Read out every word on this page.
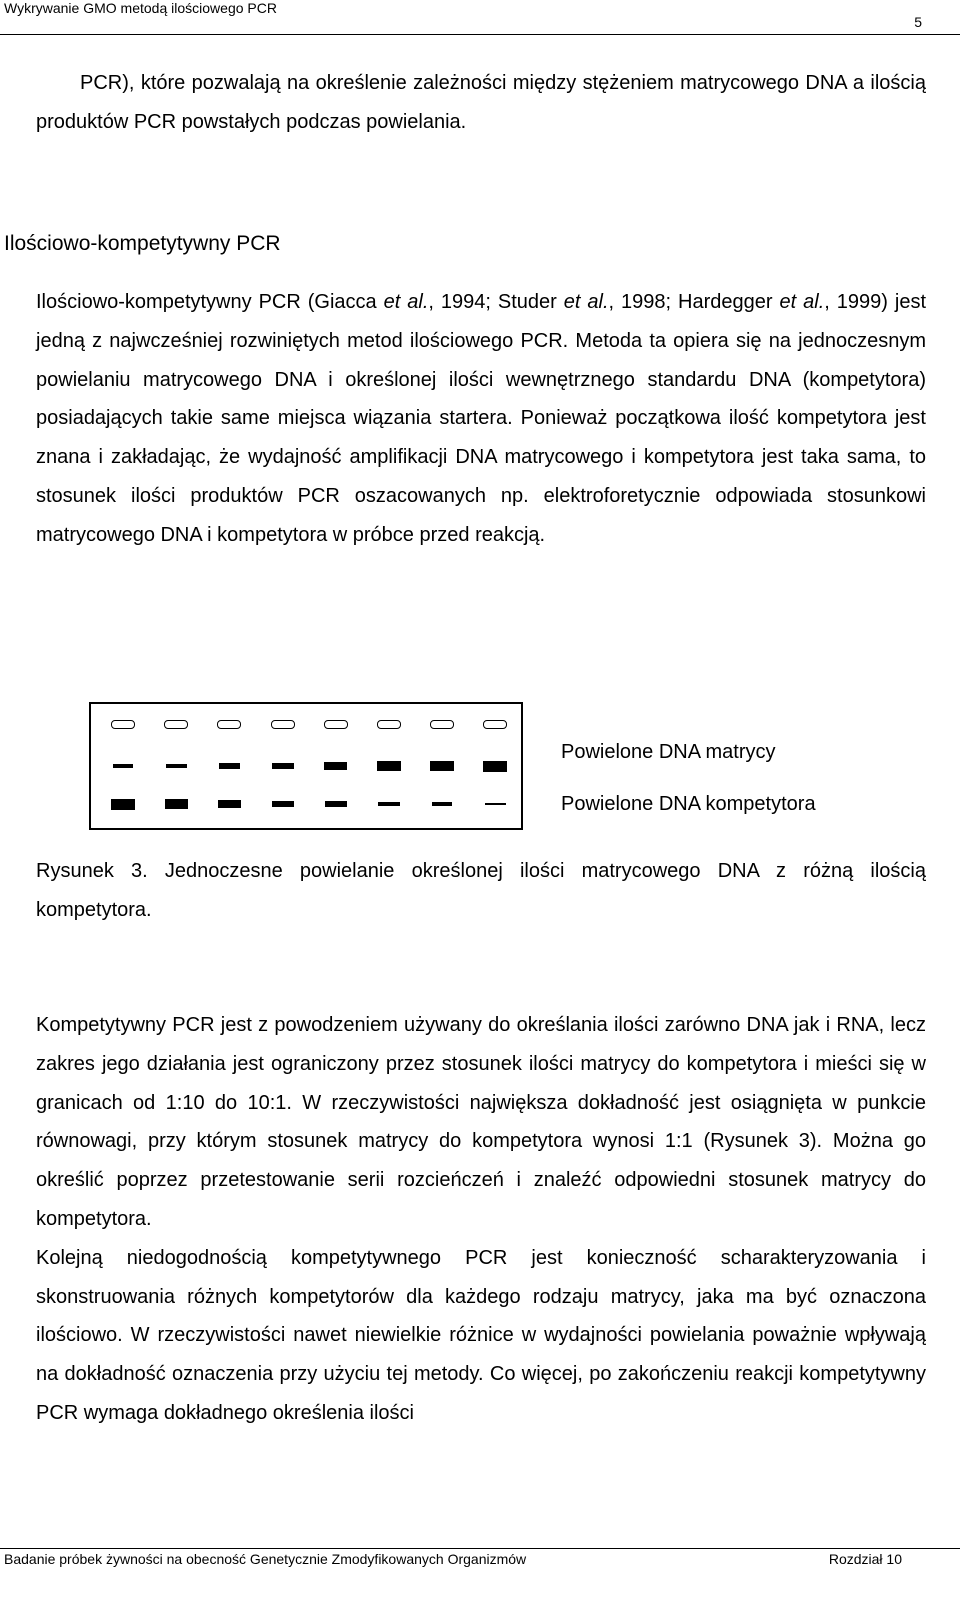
Wykrywanie GMO metodą ilościowego PCR
5

PCR), które pozwalają na określenie zależności między stężeniem matrycowego DNA a ilością produktów PCR powstałych podczas powielania.

Ilościowo-kompetytywny PCR

Ilościowo-kompetytywny PCR (Giacca et al., 1994; Studer et al., 1998; Hardegger et al., 1999) jest jedną z najwcześniej rozwiniętych metod ilościowego PCR. Metoda ta opiera się na jednoczesnym powielaniu matrycowego DNA i określonej ilości wewnętrznego standardu DNA (kompetytora) posiadających takie same miejsca wiązania startera. Ponieważ początkowa ilość kompetytora jest znana i zakładając, że wydajność amplifikacji DNA matrycowego i kompetytora jest taka sama, to stosunek ilości produktów PCR oszacowanych np. elektroforetycznie odpowiada stosunkowi matrycowego DNA i kompetytora w próbce przed reakcją.

Powielone DNA matrycy
Powielone DNA kompetytora

Rysunek 3. Jednoczesne powielanie określonej ilości matrycowego DNA z różną ilością kompetytora.

Kompetytywny PCR jest z powodzeniem używany do określania ilości zarówno DNA jak i RNA, lecz zakres jego działania jest ograniczony przez stosunek ilości matrycy do kompetytora i mieści się w granicach od 1:10 do 10:1. W rzeczywistości największa dokładność jest osiągnięta w punkcie równowagi, przy którym stosunek matrycy do kompetytora wynosi 1:1 (Rysunek 3). Można go określić poprzez przetestowanie serii rozcieńczeń i znaleźć odpowiedni stosunek matrycy do kompetytora.

Kolejną niedogodnością kompetytywnego PCR jest konieczność scharakteryzowania i skonstruowania różnych kompetytorów dla każdego rodzaju matrycy, jaka ma być oznaczona ilościowo. W rzeczywistości nawet niewielkie różnice w wydajności powielania poważnie wpływają na dokładność oznaczenia przy użyciu tej metody. Co więcej, po zakończeniu reakcji kompetytywny PCR wymaga dokładnego określenia ilości

Badanie próbek żywności na obecność Genetycznie Zmodyfikowanych Organizmów	Rozdział 10
